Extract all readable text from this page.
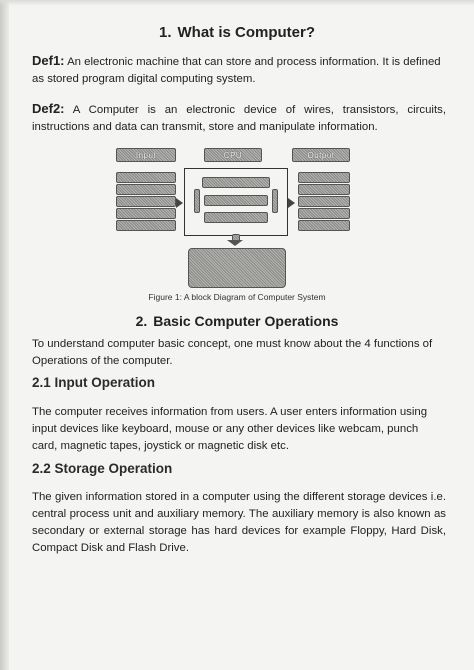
1. What is Computer?
Def1: An electronic machine that can store and process information. It is defined as stored program digital computing system.
Def2: A Computer is an electronic device of wires, transistors, circuits, instructions and data can transmit, store and manipulate information.
Input	CPU	Output
Figure 1: A block Diagram of Computer System
2. Basic Computer Operations
To understand computer basic concept, one must know about the 4 functions of Operations of the computer.
2.1 Input Operation
The computer receives information from users. A user enters information using input devices like keyboard, mouse or any other devices like webcam, punch card, magnetic tapes, joystick or magnetic disk etc.
2.2 Storage Operation
The given information stored in a computer using the different storage devices i.e. central process unit and auxiliary memory. The auxiliary memory is also known as secondary or external storage has hard devices for example Floppy, Hard Disk, Compact Disk and Flash Drive.
